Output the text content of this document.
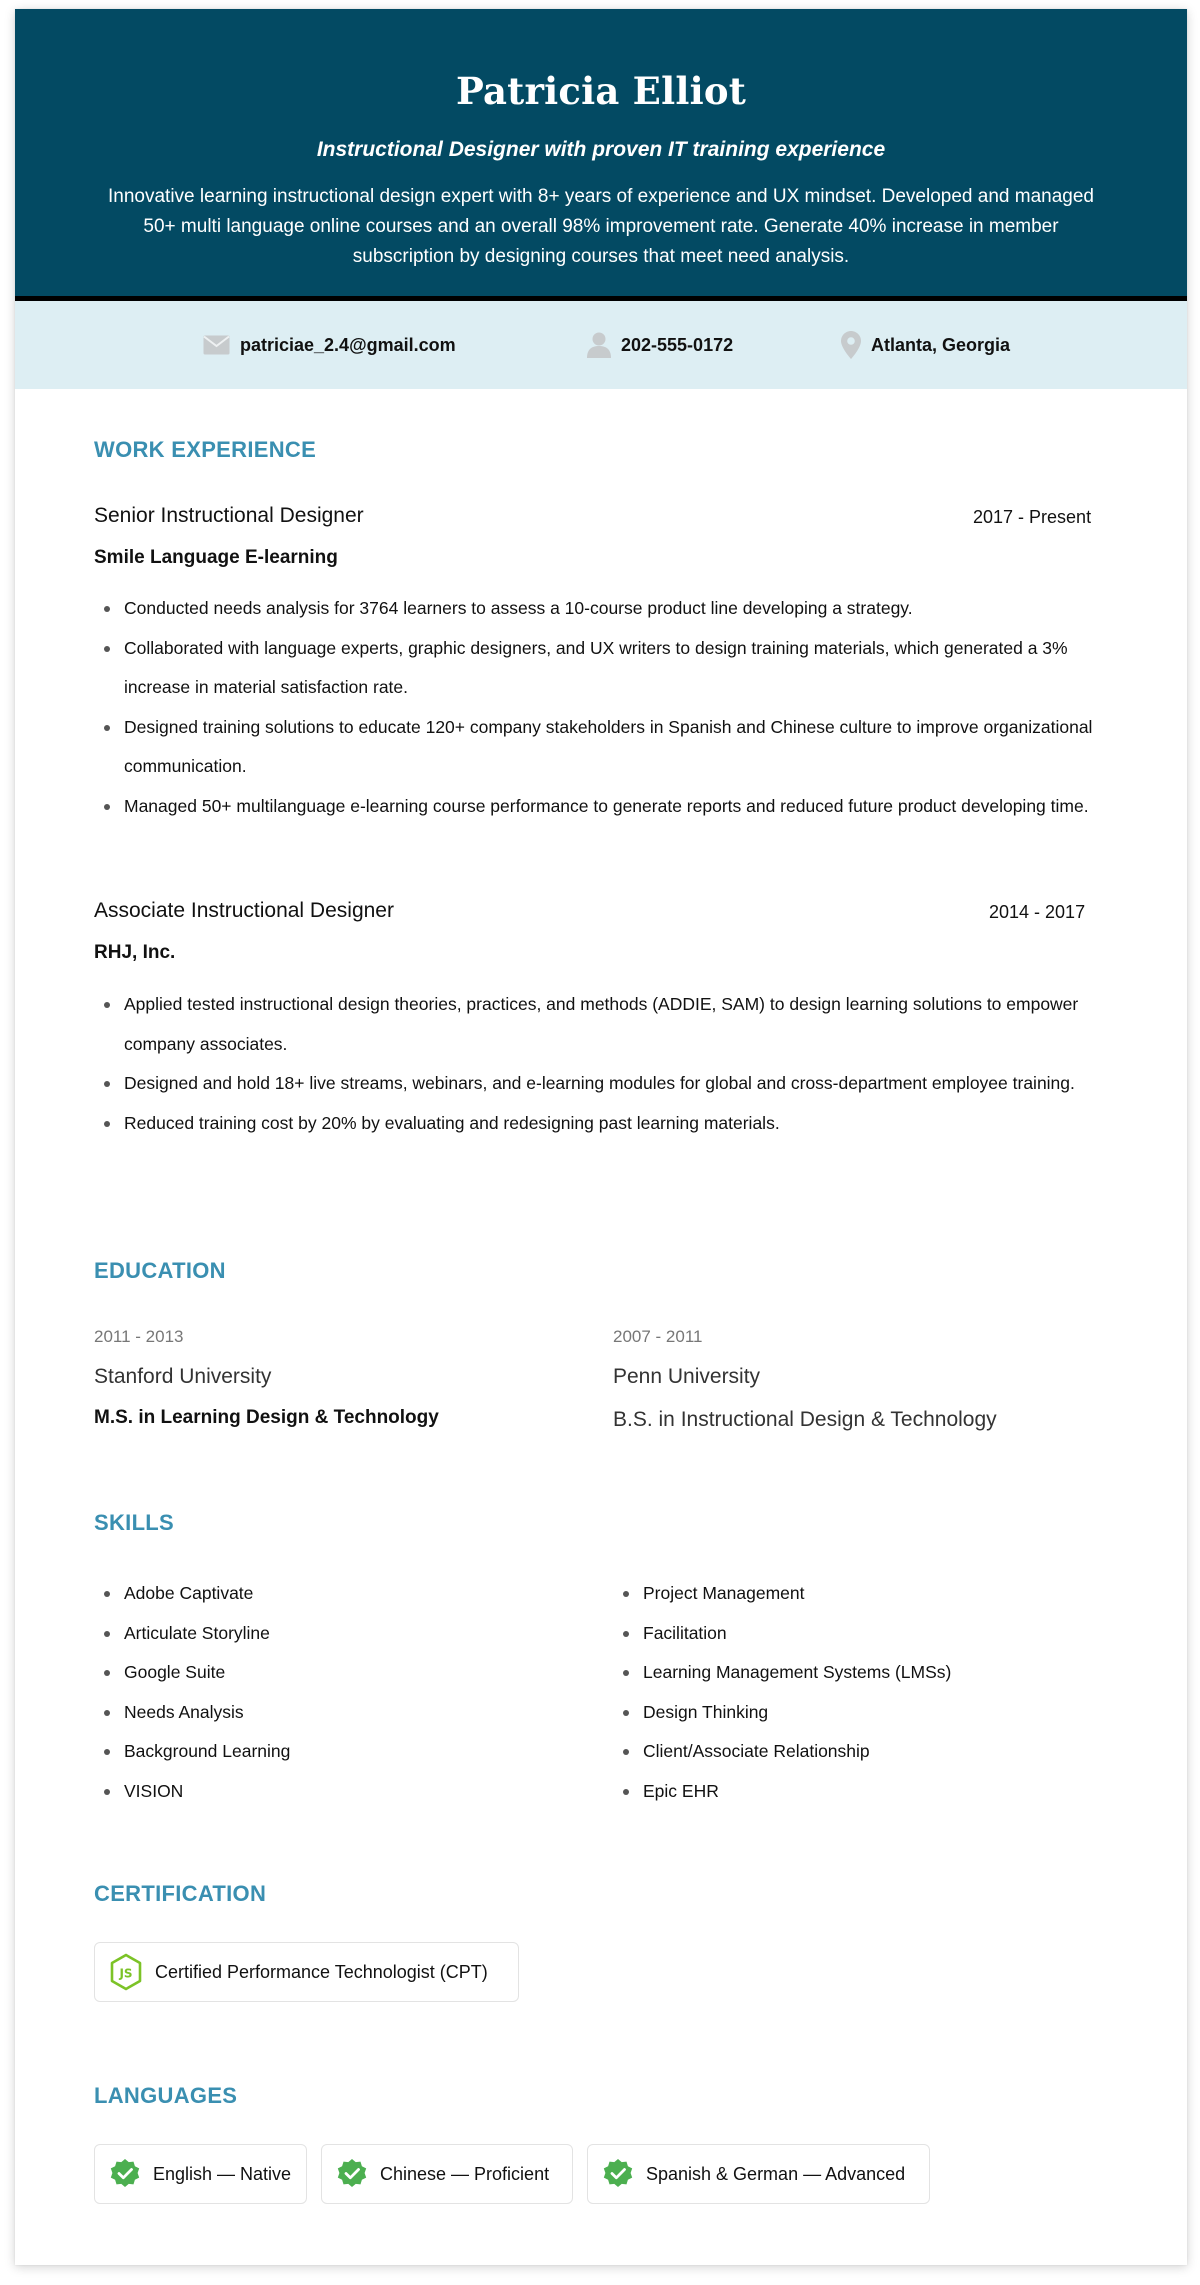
Patricia Elliot
Instructional Designer with proven IT training experience
Innovative learning instructional design expert with 8+ years of experience and UX mindset. Developed and managed 50+ multi language online courses and an overall 98% improvement rate. Generate 40% increase in member subscription by designing courses that meet need analysis.
patriciae_2.4@gmail.com	202-555-0172	Atlanta, Georgia
WORK EXPERIENCE
Senior Instructional Designer	2017 - Present
Smile Language E-learning
Conducted needs analysis for 3764 learners to assess a 10-course product line developing a strategy.
Collaborated with language experts, graphic designers, and UX writers to design training materials, which generated a 3% increase in material satisfaction rate.
Designed training solutions to educate 120+ company stakeholders in Spanish and Chinese culture to improve organizational communication.
Managed 50+ multilanguage e-learning course performance to generate reports and reduced future product developing time.
Associate Instructional Designer	2014 - 2017
RHJ, Inc.
Applied tested instructional design theories, practices, and methods (ADDIE, SAM) to design learning solutions to empower company associates.
Designed and hold 18+ live streams, webinars, and e-learning modules for global and cross-department employee training.
Reduced training cost by 20% by evaluating and redesigning past learning materials.
EDUCATION
2011 - 2013
Stanford University
M.S. in Learning Design & Technology
2007 - 2011
Penn University
B.S. in Instructional Design & Technology
SKILLS
Adobe Captivate
Articulate Storyline
Google Suite
Needs Analysis
Background Learning
VISION
Project Management
Facilitation
Learning Management Systems (LMSs)
Design Thinking
Client/Associate Relationship
Epic EHR
CERTIFICATION
JS Certified Performance Technologist (CPT)
LANGUAGES
English — Native	Chinese — Proficient	Spanish & German — Advanced
